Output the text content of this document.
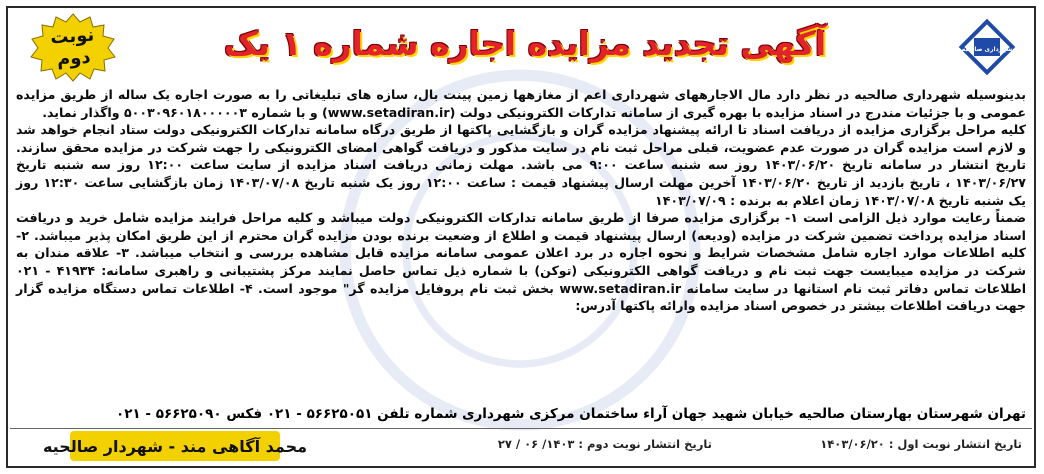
نوبت
دوم	آگهی تجدید مزایده اجاره شماره ۱ یک	شهرداری صالحیه

بدینوسیله شهرداری صالحیه در نظر دارد مال الاجارههای شهرداری اعم از مغازهها زمین پینت بال، سازه های تبلیغاتی را به صورت اجاره یک ساله از طریق مزایده عمومی و با جزئیات مندرج در اسناد مزایده با بهره گیری از سامانه تدارکات الکترونیکی دولت (www.setadiran.ir) و با شماره ۵۰۰۳۰۹۶۰۱۸۰۰۰۰۰۳ واگذار نماید.

کلیه مراحل برگزاری مزایده از دریافت اسناد تا ارائه پیشنهاد مزایده گران و بازگشایی پاکتها از طریق درگاه سامانه تدارکات الکترونیکی دولت ستاد انجام خواهد شد و لازم است مزایده گران در صورت عدم عضویت، قبلی مراحل ثبت نام در سایت مذکور و دریافت گواهی امضای الکترونیکی را جهت شرکت در مزایده محقق سازند. تاریخ انتشار در سامانه تاریخ ۱۴۰۳/۰۶/۲۰ روز سه شنبه ساعت ۹:۰۰ می باشد. مهلت زمانی دریافت اسناد مزایده از سایت ساعت ۱۲:۰۰ روز سه شنبه تاریخ ۱۴۰۳/۰۶/۲۷ ، تاریخ بازدید از تاریخ ۱۴۰۳/۰۶/۲۰ آخرین مهلت ارسال پیشنهاد قیمت : ساعت ۱۲:۰۰ روز یک شنبه تاریخ ۱۴۰۳/۰۷/۰۸ زمان بازگشایی ساعت ۱۲:۳۰ روز یک شنبه تاریخ ۱۴۰۳/۰۷/۰۸ زمان اعلام به برنده : ۱۴۰۳/۰۷/۰۹

ضمناً رعایت موارد ذیل الزامی است ۱- برگزاری مزایده صرفا از طریق سامانه تدارکات الکترونیکی دولت میباشد و کلیه مراحل فرایند مزایده شامل خرید و دریافت اسناد مزایده پرداخت تضمین شرکت در مزایده (ودیعه) ارسال پیشنهاد قیمت و اطلاع از وضعیت برنده بودن مزایده گران محترم از این طریق امکان پذیر میباشد. ۲- کلیه اطلاعات موارد اجاره شامل مشخصات شرایط و نحوه اجاره در برد اعلان عمومی سامانه مزایده قابل مشاهده بررسی و انتخاب میباشد. ۳- علاقه مندان به شرکت در مزایده میبایست جهت ثبت نام و دریافت گواهی الکترونیکی (توکن) با شماره ذیل تماس حاصل نمایند مرکز پشتیبانی و راهبری سامانه: ۴۱۹۳۴ - ۰۲۱ اطلاعات تماس دفاتر ثبت نام استانها در سایت سامانه www.setadiran.ir بخش ثبت نام پروفایل مزایده گر" موجود است. ۴- اطلاعات تماس دستگاه مزایده گزار جهت دریافت اطلاعات بیشتر در خصوص اسناد مزایده وارائه پاکتها آدرس:

تهران شهرستان بهارستان صالحیه خیابان شهید جهان آراء ساختمان مرکزی شهرداری شماره تلفن ۵۶۶۲۵۰۵۱ - ۰۲۱ فکس ۵۶۶۲۵۰۹۰ - ۰۲۱
تاریخ انتشار نوبت اول : ۱۴۰۳/۰۶/۲۰
تاریخ انتشار نوبت دوم : ۱۴۰۳/ ۰۶ / ۲۷
محمد آگاهی مند - شهردار صالحیه
